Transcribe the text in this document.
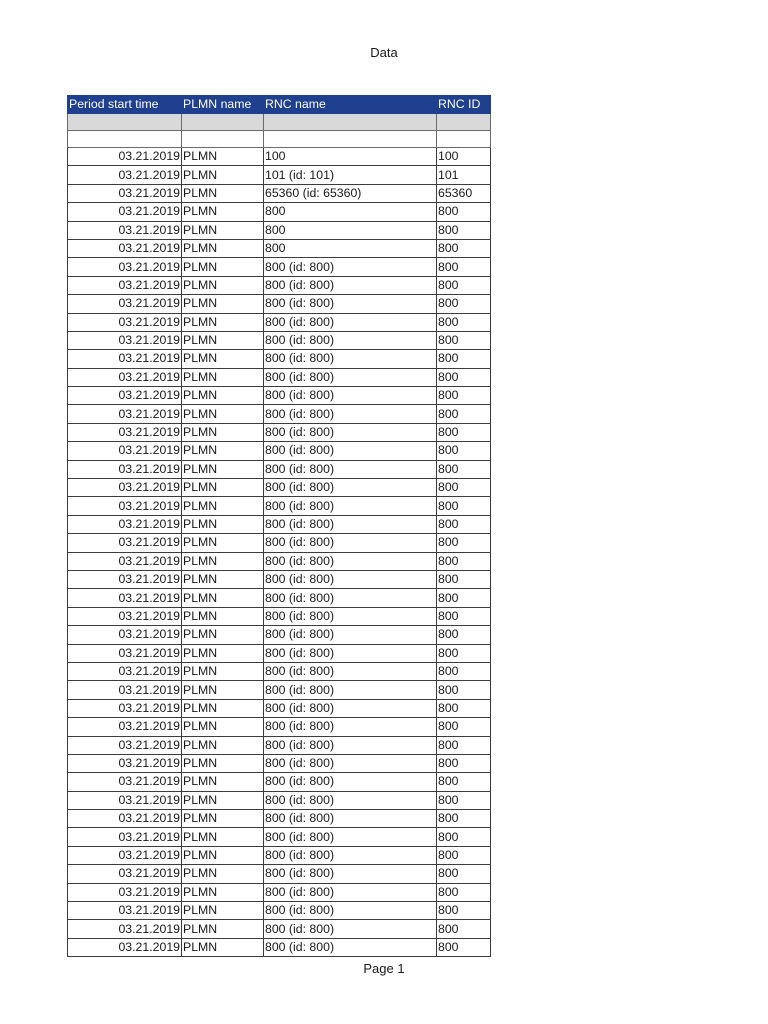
Data
Period start time	PLMN name	RNC name	RNC ID

03.21.2019	PLMN	100	100
03.21.2019	PLMN	101 (id: 101)	101
03.21.2019	PLMN	65360 (id: 65360)	65360
03.21.2019	PLMN	800	800
03.21.2019	PLMN	800	800
03.21.2019	PLMN	800	800
03.21.2019	PLMN	800 (id: 800)	800
03.21.2019	PLMN	800 (id: 800)	800
03.21.2019	PLMN	800 (id: 800)	800
03.21.2019	PLMN	800 (id: 800)	800
03.21.2019	PLMN	800 (id: 800)	800
03.21.2019	PLMN	800 (id: 800)	800
03.21.2019	PLMN	800 (id: 800)	800
03.21.2019	PLMN	800 (id: 800)	800
03.21.2019	PLMN	800 (id: 800)	800
03.21.2019	PLMN	800 (id: 800)	800
03.21.2019	PLMN	800 (id: 800)	800
03.21.2019	PLMN	800 (id: 800)	800
03.21.2019	PLMN	800 (id: 800)	800
03.21.2019	PLMN	800 (id: 800)	800
03.21.2019	PLMN	800 (id: 800)	800
03.21.2019	PLMN	800 (id: 800)	800
03.21.2019	PLMN	800 (id: 800)	800
03.21.2019	PLMN	800 (id: 800)	800
03.21.2019	PLMN	800 (id: 800)	800
03.21.2019	PLMN	800 (id: 800)	800
03.21.2019	PLMN	800 (id: 800)	800
03.21.2019	PLMN	800 (id: 800)	800
03.21.2019	PLMN	800 (id: 800)	800
03.21.2019	PLMN	800 (id: 800)	800
03.21.2019	PLMN	800 (id: 800)	800
03.21.2019	PLMN	800 (id: 800)	800
03.21.2019	PLMN	800 (id: 800)	800
03.21.2019	PLMN	800 (id: 800)	800
03.21.2019	PLMN	800 (id: 800)	800
03.21.2019	PLMN	800 (id: 800)	800
03.21.2019	PLMN	800 (id: 800)	800
03.21.2019	PLMN	800 (id: 800)	800
03.21.2019	PLMN	800 (id: 800)	800
03.21.2019	PLMN	800 (id: 800)	800
03.21.2019	PLMN	800 (id: 800)	800
03.21.2019	PLMN	800 (id: 800)	800
03.21.2019	PLMN	800 (id: 800)	800
03.21.2019	PLMN	800 (id: 800)	800
Page 1
